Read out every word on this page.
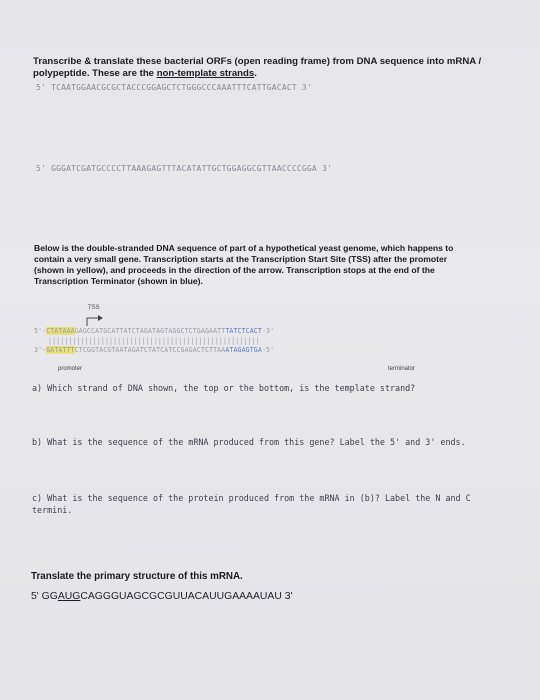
Transcribe & translate these bacterial ORFs (open reading frame) from DNA sequence into mRNA / polypeptide. These are the non-template strands.
5' TCAATGGAACGCGCTACCCGGAGCTCTGGGCCCAAATTTCATTGACACT 3'
5' GGGATCGATGCCCCTTAAAGAGTTTACATATTGCTGGAGGCGTTAACCCCGGA 3'
Below is the double-stranded DNA sequence of part of a hypothetical yeast genome, which happens to contain a very small gene. Transcription starts at the Transcription Start Site (TSS) after the promoter (shown in yellow), and proceeds in the direction of the arrow. Transcription stops at the end of the Transcription Terminator (shown in blue).
TSS
5'-CTATAAAGAGCCATGCATTATCTAGATAGTAGGCTCTGAGAATTTATCTCACT-3'
||||||||||||||||||||||||||||||||||||||||||||||||||||
3'-GATATTTCTCGGTACGTAATAGATCTATCATCCGAGACTCTTAAATAGAGTGA-5'
promoter	terminator
a) Which strand of DNA shown, the top or the bottom, is the template strand?
b) What is the sequence of the mRNA produced from this gene? Label the 5' and 3' ends.
c) What is the sequence of the protein produced from the mRNA in (b)? Label the N and C termini.
Translate the primary structure of this mRNA.
5' GGAUGCAGGGUAGCGCGUUACAUUGAAAAUAU 3'
